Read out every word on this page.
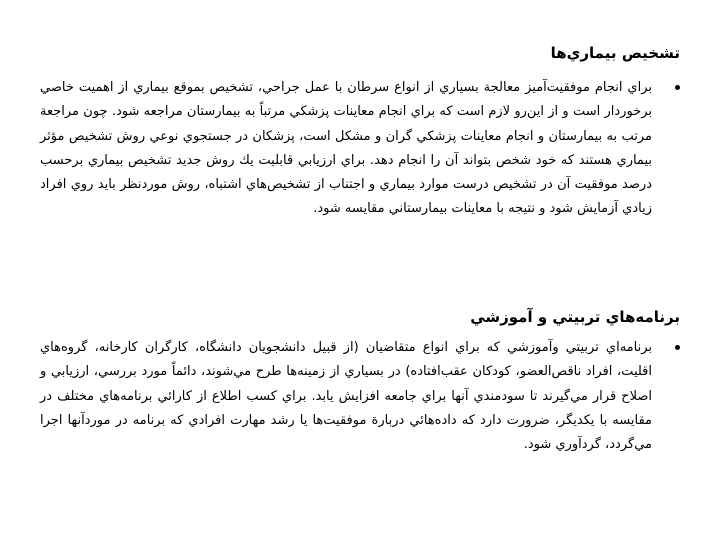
تشخيص بيماري‌ها
براي انجام موفقيت‌آميز معالجة بسياري از انواع سرطان با عمل جراحي، تشخيص بموقع بيماري از اهميت خاصي برخوردار است و از اين‌رو لازم است كه براي انجام معاينات پزشكي مرتباً به بيمارستان مراجعه شود. چون مراجعة مرتب به بيمارستان و انجام معاينات پزشكي گران و مشكل است، پزشكان در جستجوي نوعي روش تشخيص مؤثر بيماري هستند كه خود شخص بتواند آن را انجام دهد. براي ارزيابي قابليت يك روش جديد تشخيص بيماري برحسب درصد موفقيت آن در تشخيص درست موارد بيماري و اجتناب از تشخيص‌هاي اشتباه، روش موردنظر بايد روي افراد زيادي آزمايش شود و نتيجه با معاينات بيمارستاني مقايسه شود.
برنامه‌هاي تربيتي و آموزشي
برنامه‌اي تربيتي وآموزشي كه براي انواع متقاضيان (از قبيل دانشجويان دانشگاه، كارگران كارخانه، گروه‌هاي اقليت، افراد ناقص‌العضو، كودكان عقب‌افتاده) در بسياري از زمينه‌ها طرح مي‌شوند، دائماً مورد بررسي، ارزيابي و اصلاح قرار مي‌گيرند تا سودمندي آنها براي جامعه افزايش يابد. براي كسب اطلاع از كارائي برنامه‌هاي مختلف در مقايسه با يكديگر، ضرورت دارد كه داده‌هائي دربارة موفقيت‌ها يا رشد مهارت افرادي كه برنامه در موردآنها اجرا مي‌گردد، گردآوري شود.
